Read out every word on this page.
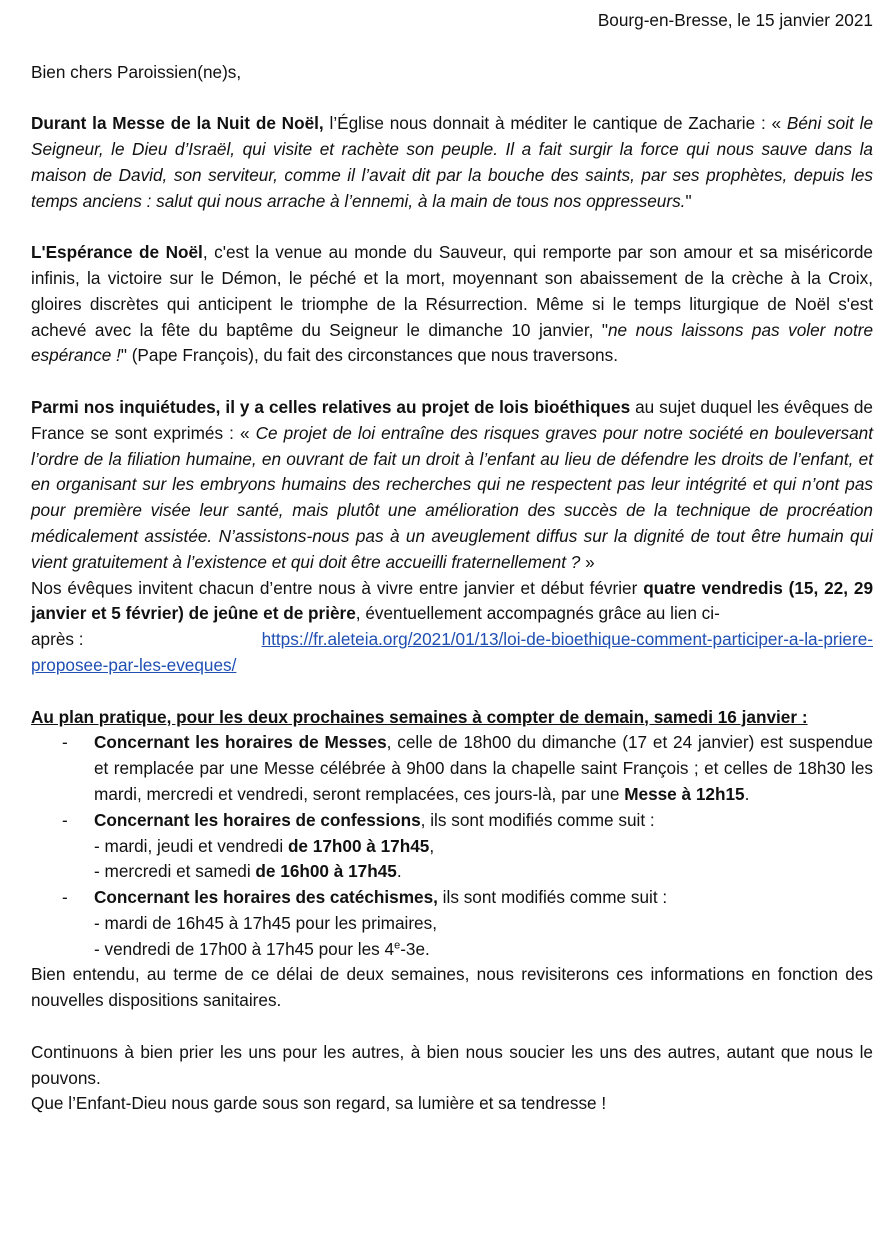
Bourg-en-Bresse, le 15 janvier 2021

Bien chers Paroissien(ne)s,

Durant la Messe de la Nuit de Noël, l’Église nous donnait à méditer le cantique de Zacharie : « Béni soit le Seigneur, le Dieu d’Israël, qui visite et rachète son peuple. Il a fait surgir la force qui nous sauve dans la maison de David, son serviteur, comme il l’avait dit par la bouche des saints, par ses prophètes, depuis les temps anciens : salut qui nous arrache à l’ennemi, à la main de tous nos oppresseurs."

L'Espérance de Noël, c'est la venue au monde du Sauveur, qui remporte par son amour et sa miséricorde infinis, la victoire sur le Démon, le péché et la mort, moyennant son abaissement de la crèche à la Croix, gloires discrètes qui anticipent le triomphe de la Résurrection. Même si le temps liturgique de Noël s'est achevé avec la fête du baptême du Seigneur le dimanche 10 janvier, "ne nous laissons pas voler notre espérance !" (Pape François), du fait des circonstances que nous traversons.

Parmi nos inquiétudes, il y a celles relatives au projet de lois bioéthiques au sujet duquel les évêques de France se sont exprimés : « Ce projet de loi entraîne des risques graves pour notre société en bouleversant l’ordre de la filiation humaine, en ouvrant de fait un droit à l’enfant au lieu de défendre les droits de l’enfant, et en organisant sur les embryons humains des recherches qui ne respectent pas leur intégrité et qui n’ont pas pour première visée leur santé, mais plutôt une amélioration des succès de la technique de procréation médicalement assistée. N’assistons-nous pas à un aveuglement diffus sur la dignité de tout être humain qui vient gratuitement à l’existence et qui doit être accueilli fraternellement ? »

Nos évêques invitent chacun d’entre nous à vivre entre janvier et début février quatre vendredis (15, 22, 29 janvier et 5 février) de jeûne et de prière, éventuellement accompagnés grâce au lien ci-

après :	https://fr.aleteia.org/2021/01/13/loi-de-bioethique-comment-participer-a-la-priere-

proposee-par-les-eveques/

Au plan pratique, pour les deux prochaines semaines à compter de demain, samedi 16 janvier :

- Concernant les horaires de Messes, celle de 18h00 du dimanche (17 et 24 janvier) est suspendue et remplacée par une Messe célébrée à 9h00 dans la chapelle saint François ; et celles de 18h30 les mardi, mercredi et vendredi, seront remplacées, ces jours-là, par une Messe à 12h15.
- Concernant les horaires de confessions, ils sont modifiés comme suit :
- mardi, jeudi et vendredi de 17h00 à 17h45,
- mercredi et samedi de 16h00 à 17h45.
- Concernant les horaires des catéchismes, ils sont modifiés comme suit :
- mardi de 16h45 à 17h45 pour les primaires,
- vendredi de 17h00 à 17h45 pour les 4e-3e.

Bien entendu, au terme de ce délai de deux semaines, nous revisiterons ces informations en fonction des nouvelles dispositions sanitaires.

Continuons à bien prier les uns pour les autres, à bien nous soucier les uns des autres, autant que nous le pouvons.

Que l’Enfant-Dieu nous garde sous son regard, sa lumière et sa tendresse !
